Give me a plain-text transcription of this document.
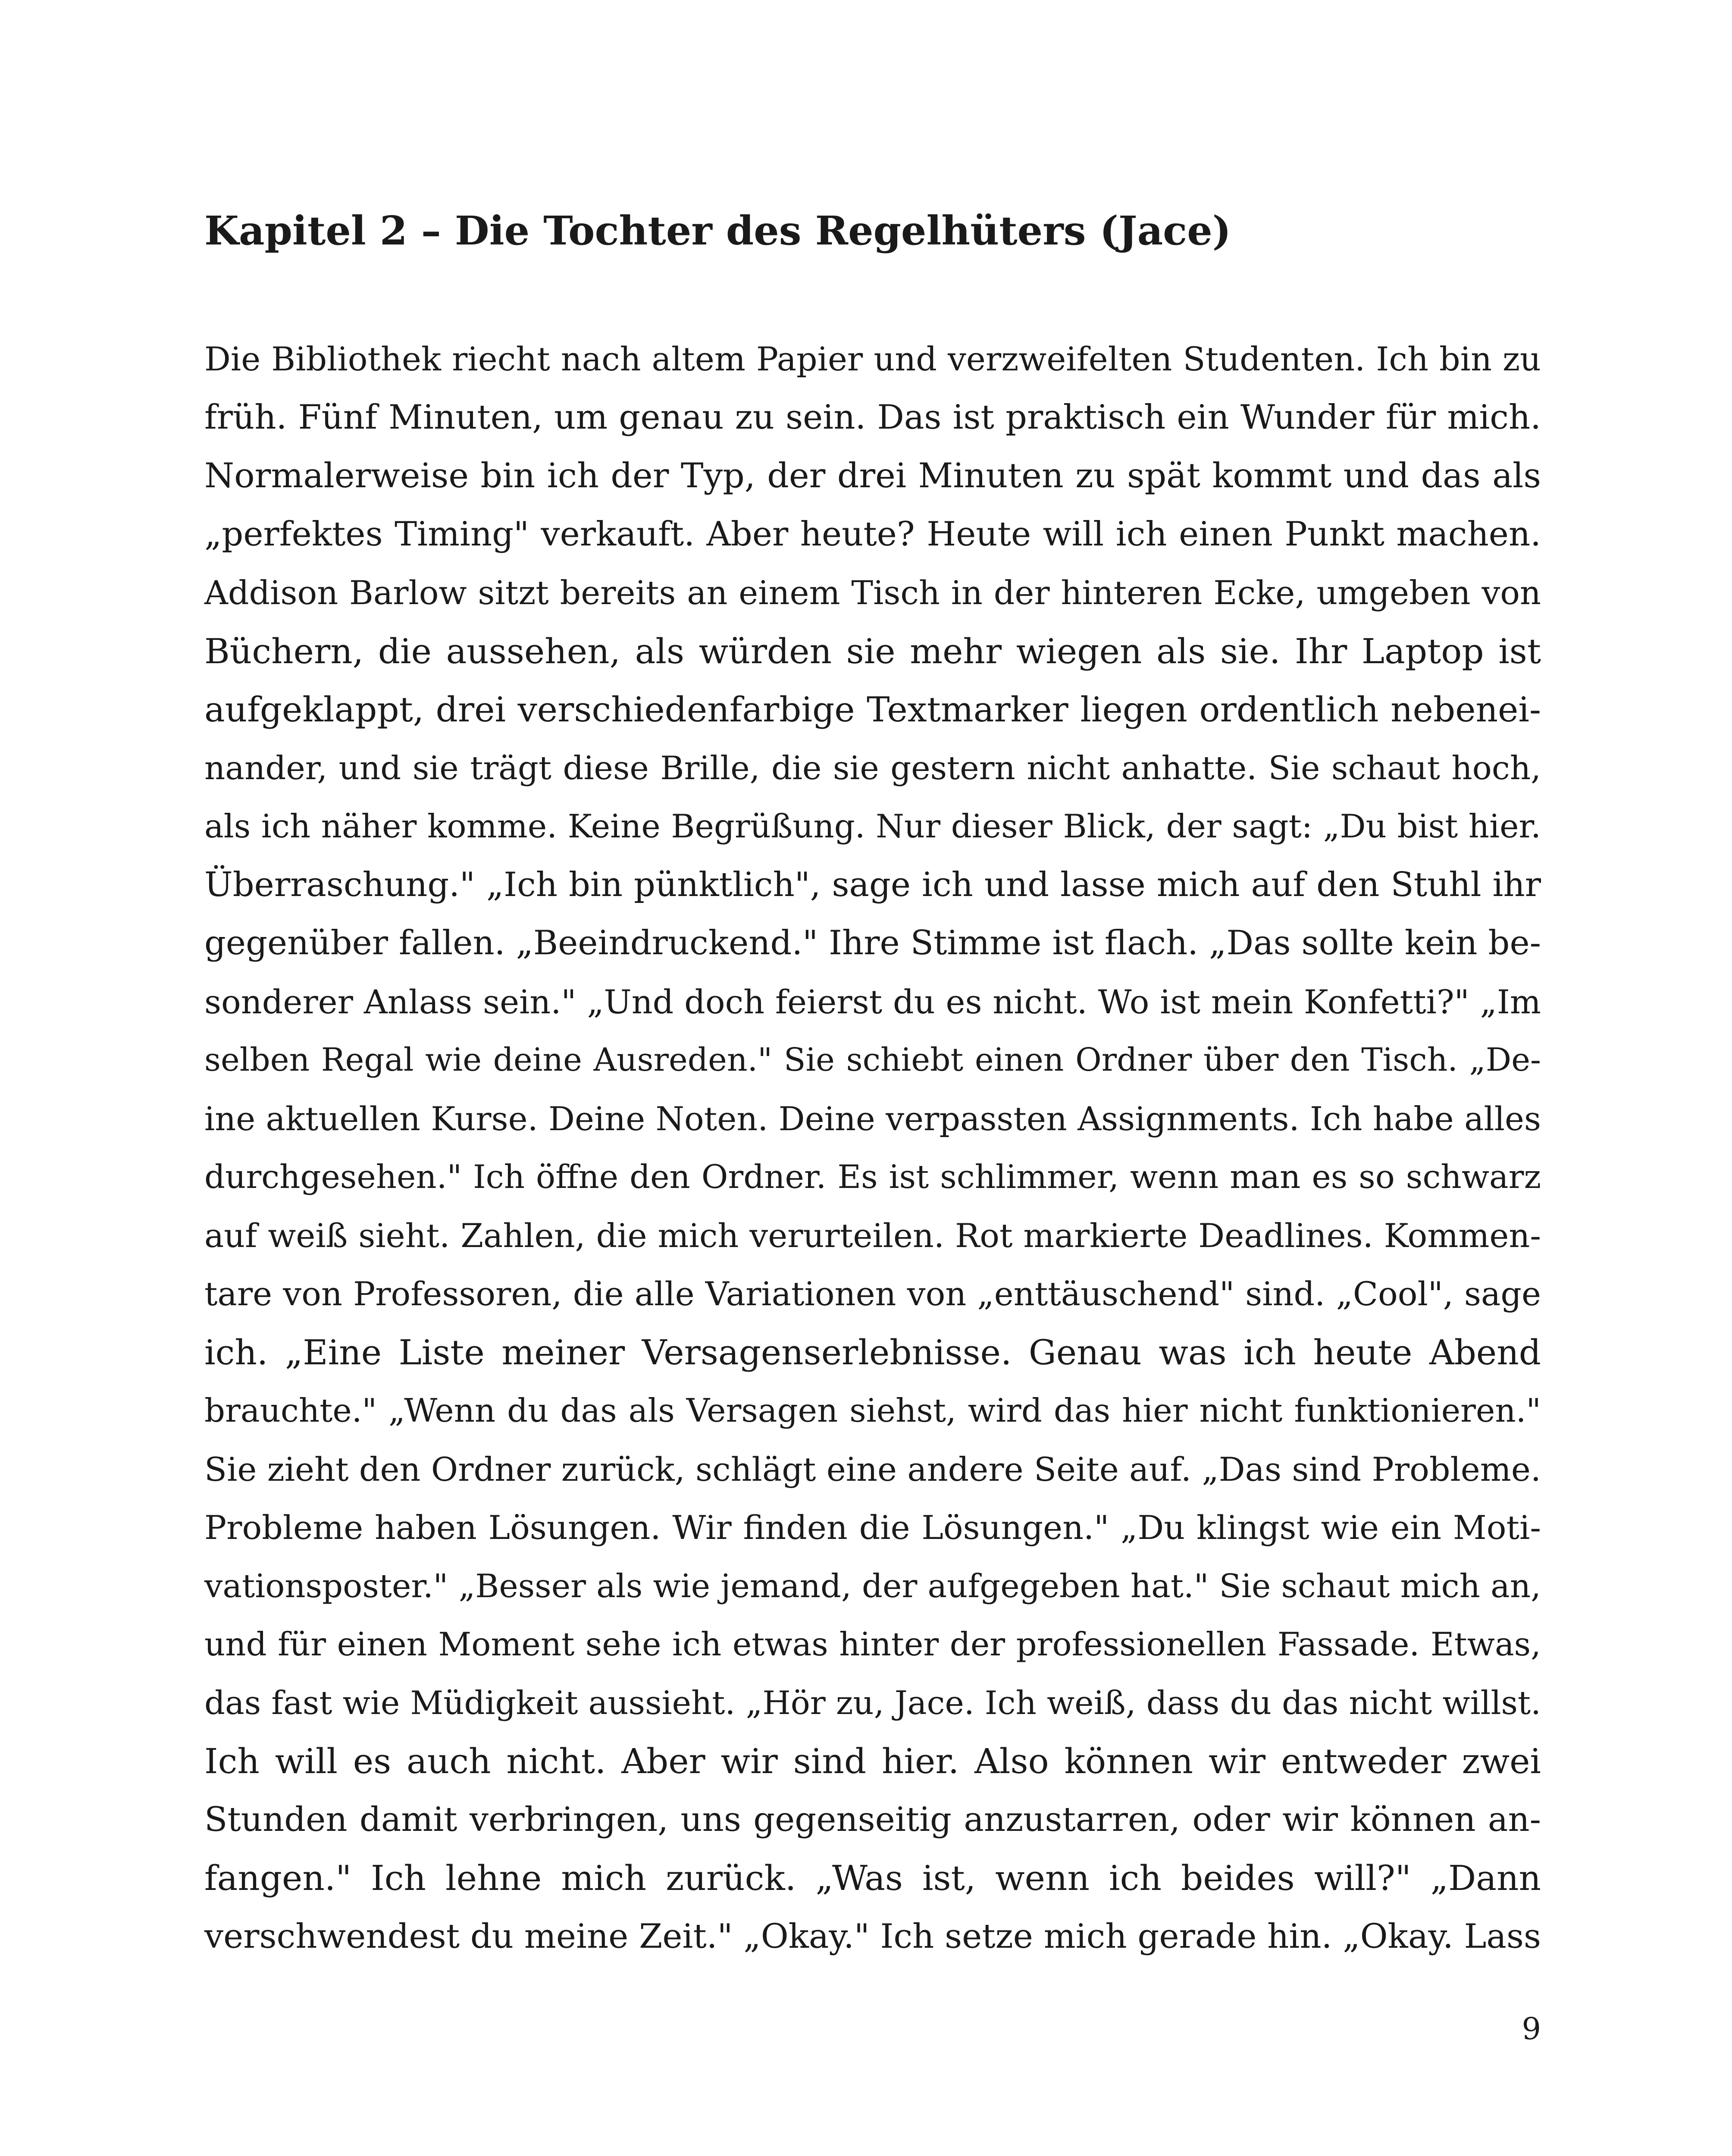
Kapitel 2 – Die Tochter des Regelhüters (Jace)
Die Bibliothek riecht nach altem Papier und verzweifelten Studenten. Ich bin zu
früh. Fünf Minuten, um genau zu sein. Das ist praktisch ein Wunder für mich.
Normalerweise bin ich der Typ, der drei Minuten zu spät kommt und das als
„perfektes Timing" verkauft. Aber heute? Heute will ich einen Punkt machen.
Addison Barlow sitzt bereits an einem Tisch in der hinteren Ecke, umgeben von
Büchern, die aussehen, als würden sie mehr wiegen als sie. Ihr Laptop ist
aufgeklappt, drei verschiedenfarbige Textmarker liegen ordentlich nebenei-
nander, und sie trägt diese Brille, die sie gestern nicht anhatte. Sie schaut hoch,
als ich näher komme. Keine Begrüßung. Nur dieser Blick, der sagt: „Du bist hier.
Überraschung." „Ich bin pünktlich", sage ich und lasse mich auf den Stuhl ihr
gegenüber fallen. „Beeindruckend." Ihre Stimme ist flach. „Das sollte kein be-
sonderer Anlass sein." „Und doch feierst du es nicht. Wo ist mein Konfetti?" „Im
selben Regal wie deine Ausreden." Sie schiebt einen Ordner über den Tisch. „De-
ine aktuellen Kurse. Deine Noten. Deine verpassten Assignments. Ich habe alles
durchgesehen." Ich öffne den Ordner. Es ist schlimmer, wenn man es so schwarz
auf weiß sieht. Zahlen, die mich verurteilen. Rot markierte Deadlines. Kommen-
tare von Professoren, die alle Variationen von „enttäuschend" sind. „Cool", sage
ich. „Eine Liste meiner Versagenserlebnisse. Genau was ich heute Abend
brauchte." „Wenn du das als Versagen siehst, wird das hier nicht funktionieren."
Sie zieht den Ordner zurück, schlägt eine andere Seite auf. „Das sind Probleme.
Probleme haben Lösungen. Wir finden die Lösungen." „Du klingst wie ein Moti-
vationsposter." „Besser als wie jemand, der aufgegeben hat." Sie schaut mich an,
und für einen Moment sehe ich etwas hinter der professionellen Fassade. Etwas,
das fast wie Müdigkeit aussieht. „Hör zu, Jace. Ich weiß, dass du das nicht willst.
Ich will es auch nicht. Aber wir sind hier. Also können wir entweder zwei
Stunden damit verbringen, uns gegenseitig anzustarren, oder wir können an-
fangen." Ich lehne mich zurück. „Was ist, wenn ich beides will?" „Dann
verschwendest du meine Zeit." „Okay." Ich setze mich gerade hin. „Okay. Lass
9
